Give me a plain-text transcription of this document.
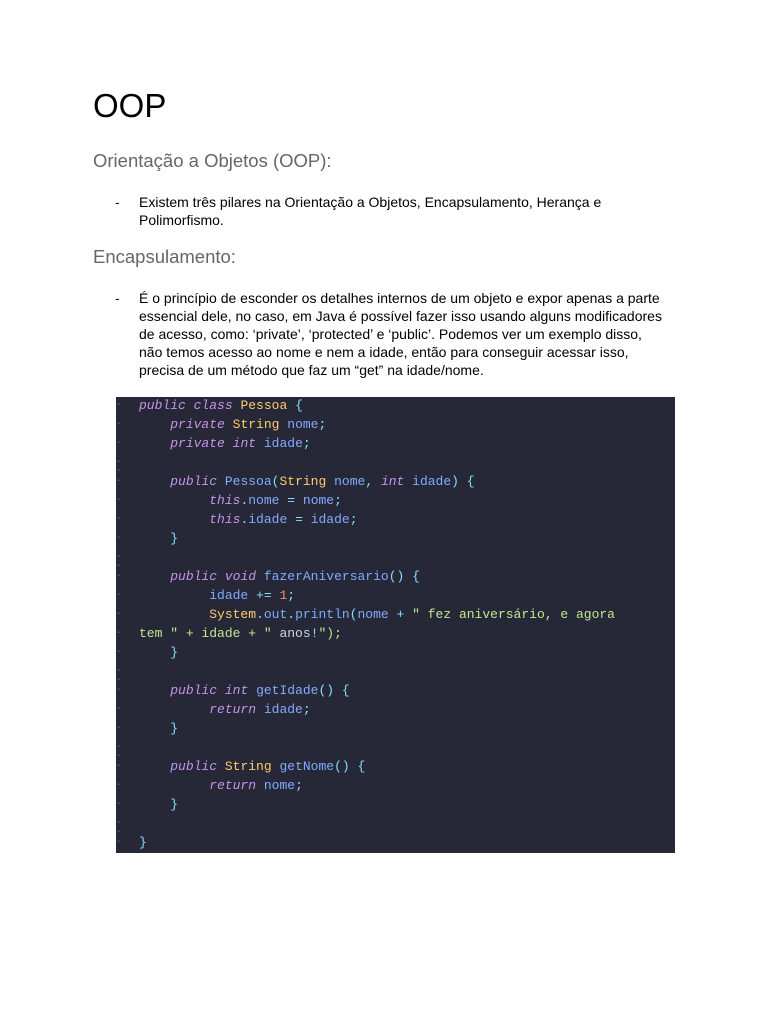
OOP
Orientação a Objetos (OOP):
- Existem três pilares na Orientação a Objetos, Encapsulamento, Herança e
Polimorfismo.

Encapsulamento:
- É o princípio de esconder os detalhes internos de um objeto e expor apenas a parte
essencial dele, no caso, em Java é possível fazer isso usando alguns modificadores
de acesso, como: ‘private’, ‘protected’ e ‘public’. Podemos ver um exemplo disso,
não temos acesso ao nome e nem a idade, então para conseguir acessar isso,
precisa de um método que faz um “get” na idade/nome.

-
-
-
-
-
-
-
-
-
-
-
-
-
-
-
-
-
-
-
-
-
-
-
-
-
-
-
-
-
public class Pessoa {
private String nome;
private int idade;
public Pessoa(String nome, int idade) {
this.nome = nome;
this.idade = idade;
}
public void fazerAniversario() {
idade += 1;
System.out.println(nome + " fez aniversário, e agora
tem " + idade + " anos!");
}
public int getIdade() {
return idade;
}
public String getNome() {
return nome;
}
}
